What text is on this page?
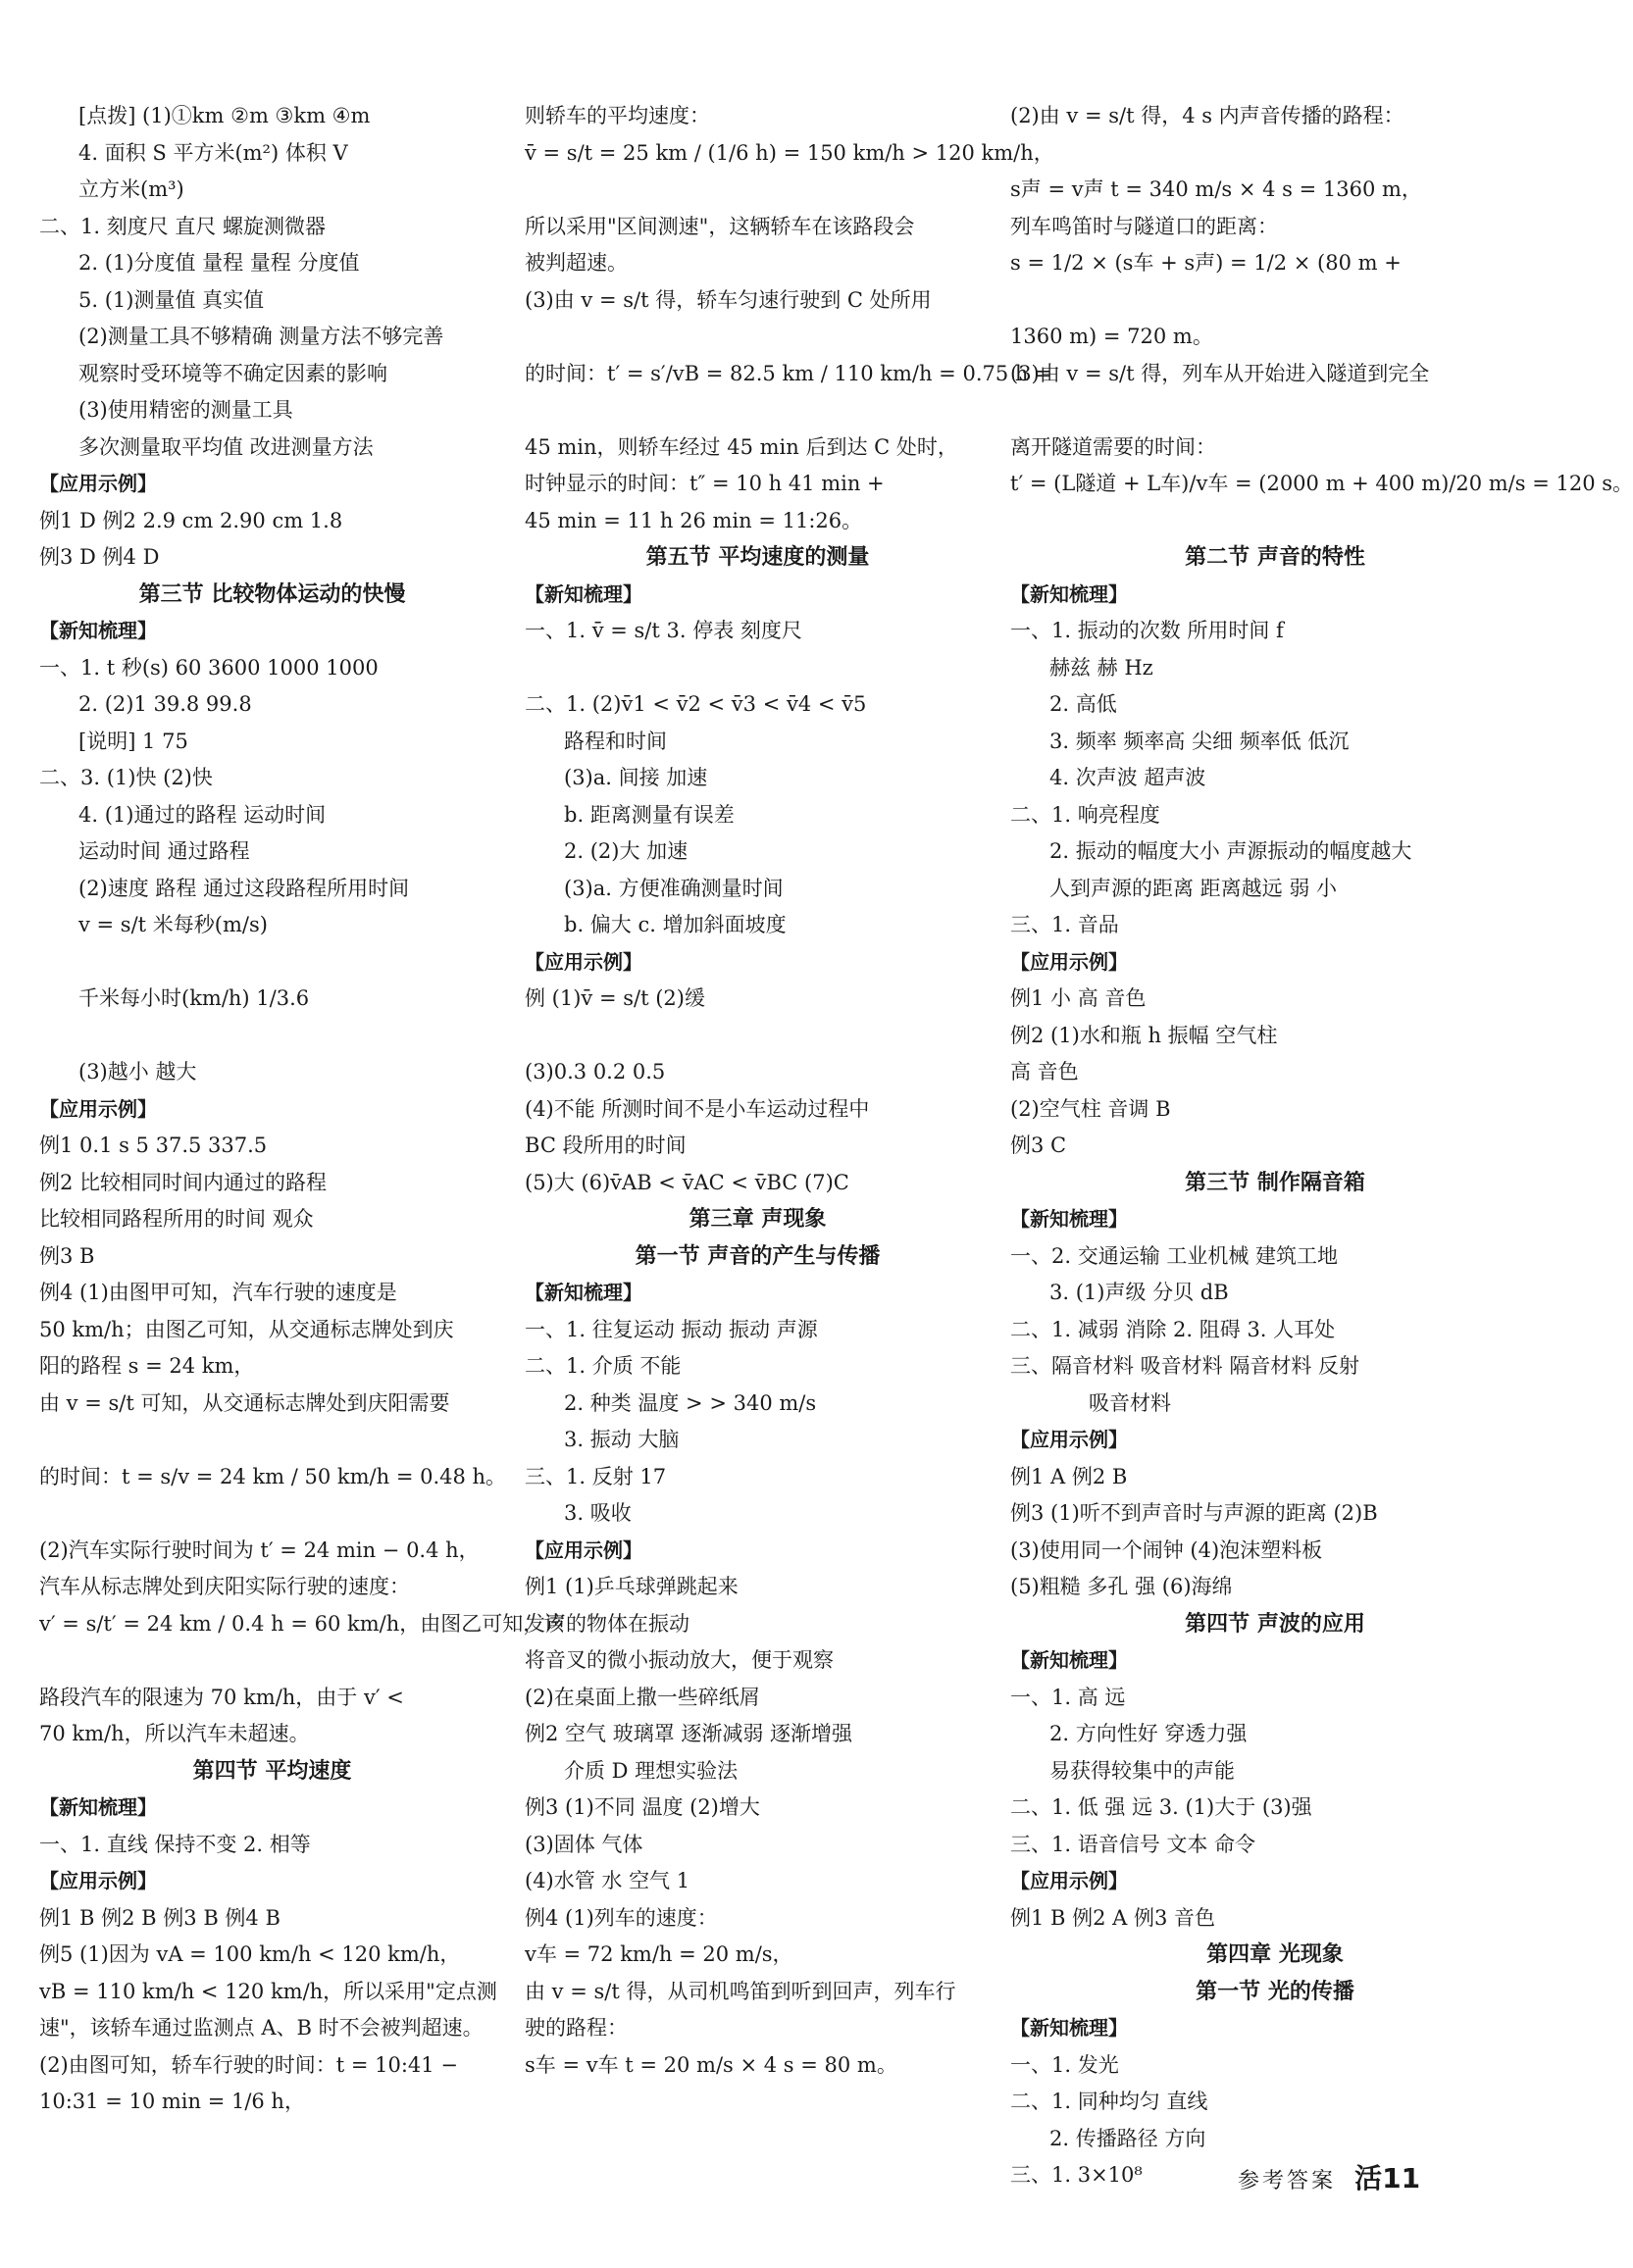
[点拨] (1)①km ②m ③km ④m
4. 面积 S 平方米(m²) 体积 V
立方米(m³)
二、1. 刻度尺 直尺 螺旋测微器
2. (1)分度值 量程 量程 分度值
5. (1)测量值 真实值
(2)测量工具不够精确 测量方法不够完善
观察时受环境等不确定因素的影响
(3)使用精密的测量工具
多次测量取平均值 改进测量方法
【应用示例】
例1 D 例2 2.9 cm 2.90 cm 1.8
例3 D 例4 D
第三节 比较物体运动的快慢
【新知梳理】
一、1. t 秒(s) 60 3600 1000 1000
2. (2)1 39.8 99.8
[说明] 1 75
二、3. (1)快 (2)快
4. (1)通过的路程 运动时间
运动时间 通过路程
(2)速度 路程 通过这段路程所用时间
v = s/t 米每秒(m/s)
千米每小时(km/h) 1/3.6
(3)越小 越大
【应用示例】
例1 0.1 s 5 37.5 337.5
例2 比较相同时间内通过的路程
比较相同路程所用的时间 观众
例3 B
例4 (1)由图甲可知，汽车行驶的速度是
50 km/h；由图乙可知，从交通标志牌处到庆
阳的路程 s = 24 km，
由 v = s/t 可知，从交通标志牌处到庆阳需要
的时间：t = s/v = 24 km / 50 km/h = 0.48 h。
(2)汽车实际行驶时间为 t′ = 24 min − 0.4 h，
汽车从标志牌处到庆阳实际行驶的速度：
v′ = s/t′ = 24 km / 0.4 h = 60 km/h，由图乙可知，该
路段汽车的限速为 70 km/h，由于 v′ <
70 km/h，所以汽车未超速。
第四节 平均速度
【新知梳理】
一、1. 直线 保持不变 2. 相等
【应用示例】
例1 B 例2 B 例3 B 例4 B
例5 (1)因为 vA = 100 km/h < 120 km/h，
vB = 110 km/h < 120 km/h，所以采用"定点测
速"，该轿车通过监测点 A、B 时不会被判超速。
(2)由图可知，轿车行驶的时间：t = 10:41 −
10:31 = 10 min = 1/6 h，
则轿车的平均速度：
v̄ = s/t = 25 km / (1/6 h) = 150 km/h > 120 km/h，
所以采用"区间测速"，这辆轿车在该路段会
被判超速。
(3)由 v = s/t 得，轿车匀速行驶到 C 处所用
的时间：t′ = s′/vB = 82.5 km / 110 km/h = 0.75 h =
45 min，则轿车经过 45 min 后到达 C 处时，
时钟显示的时间：t″ = 10 h 41 min +
45 min = 11 h 26 min = 11:26。
第五节 平均速度的测量
【新知梳理】
一、1. v̄ = s/t 3. 停表 刻度尺
二、1. (2)v̄1 < v̄2 < v̄3 < v̄4 < v̄5
路程和时间
(3)a. 间接 加速
b. 距离测量有误差
2. (2)大 加速
(3)a. 方便准确测量时间
b. 偏大 c. 增加斜面坡度
【应用示例】
例 (1)v̄ = s/t (2)缓
(3)0.3 0.2 0.5
(4)不能 所测时间不是小车运动过程中
BC 段所用的时间
(5)大 (6)v̄AB < v̄AC < v̄BC (7)C
第三章 声现象
第一节 声音的产生与传播
【新知梳理】
一、1. 往复运动 振动 振动 声源
二、1. 介质 不能
2. 种类 温度 > > 340 m/s
3. 振动 大脑
三、1. 反射 17
3. 吸收
【应用示例】
例1 (1)乒乓球弹跳起来
发声的物体在振动
将音叉的微小振动放大，便于观察
(2)在桌面上撒一些碎纸屑
例2 空气 玻璃罩 逐渐减弱 逐渐增强
介质 D 理想实验法
例3 (1)不同 温度 (2)增大
(3)固体 气体
(4)水管 水 空气 1
例4 (1)列车的速度：
v车 = 72 km/h = 20 m/s，
由 v = s/t 得，从司机鸣笛到听到回声，列车行
驶的路程：
s车 = v车 t = 20 m/s × 4 s = 80 m。
(2)由 v = s/t 得，4 s 内声音传播的路程：
s声 = v声 t = 340 m/s × 4 s = 1360 m，
列车鸣笛时与隧道口的距离：
s = 1/2 × (s车 + s声) = 1/2 × (80 m +
1360 m) = 720 m。
(3)由 v = s/t 得，列车从开始进入隧道到完全
离开隧道需要的时间：
t′ = (L隧道 + L车)/v车 = (2000 m + 400 m)/20 m/s = 120 s。
第二节 声音的特性
【新知梳理】
一、1. 振动的次数 所用时间 f
赫兹 赫 Hz
2. 高低
3. 频率 频率高 尖细 频率低 低沉
4. 次声波 超声波
二、1. 响亮程度
2. 振动的幅度大小 声源振动的幅度越大
人到声源的距离 距离越远 弱 小
三、1. 音品
【应用示例】
例1 小 高 音色
例2 (1)水和瓶 h 振幅 空气柱
高 音色
(2)空气柱 音调 B
例3 C
第三节 制作隔音箱
【新知梳理】
一、2. 交通运输 工业机械 建筑工地
3. (1)声级 分贝 dB
二、1. 减弱 消除 2. 阻碍 3. 人耳处
三、隔音材料 吸音材料 隔音材料 反射
吸音材料
【应用示例】
例1 A 例2 B
例3 (1)听不到声音时与声源的距离 (2)B
(3)使用同一个闹钟 (4)泡沫塑料板
(5)粗糙 多孔 强 (6)海绵
第四节 声波的应用
【新知梳理】
一、1. 高 远
2. 方向性好 穿透力强
易获得较集中的声能
二、1. 低 强 远 3. (1)大于 (3)强
三、1. 语音信号 文本 命令
【应用示例】
例1 B 例2 A 例3 音色
第四章 光现象
第一节 光的传播
【新知梳理】
一、1. 发光
二、1. 同种均匀 直线
2. 传播路径 方向
三、1. 3×10⁸	参考答案 活11
